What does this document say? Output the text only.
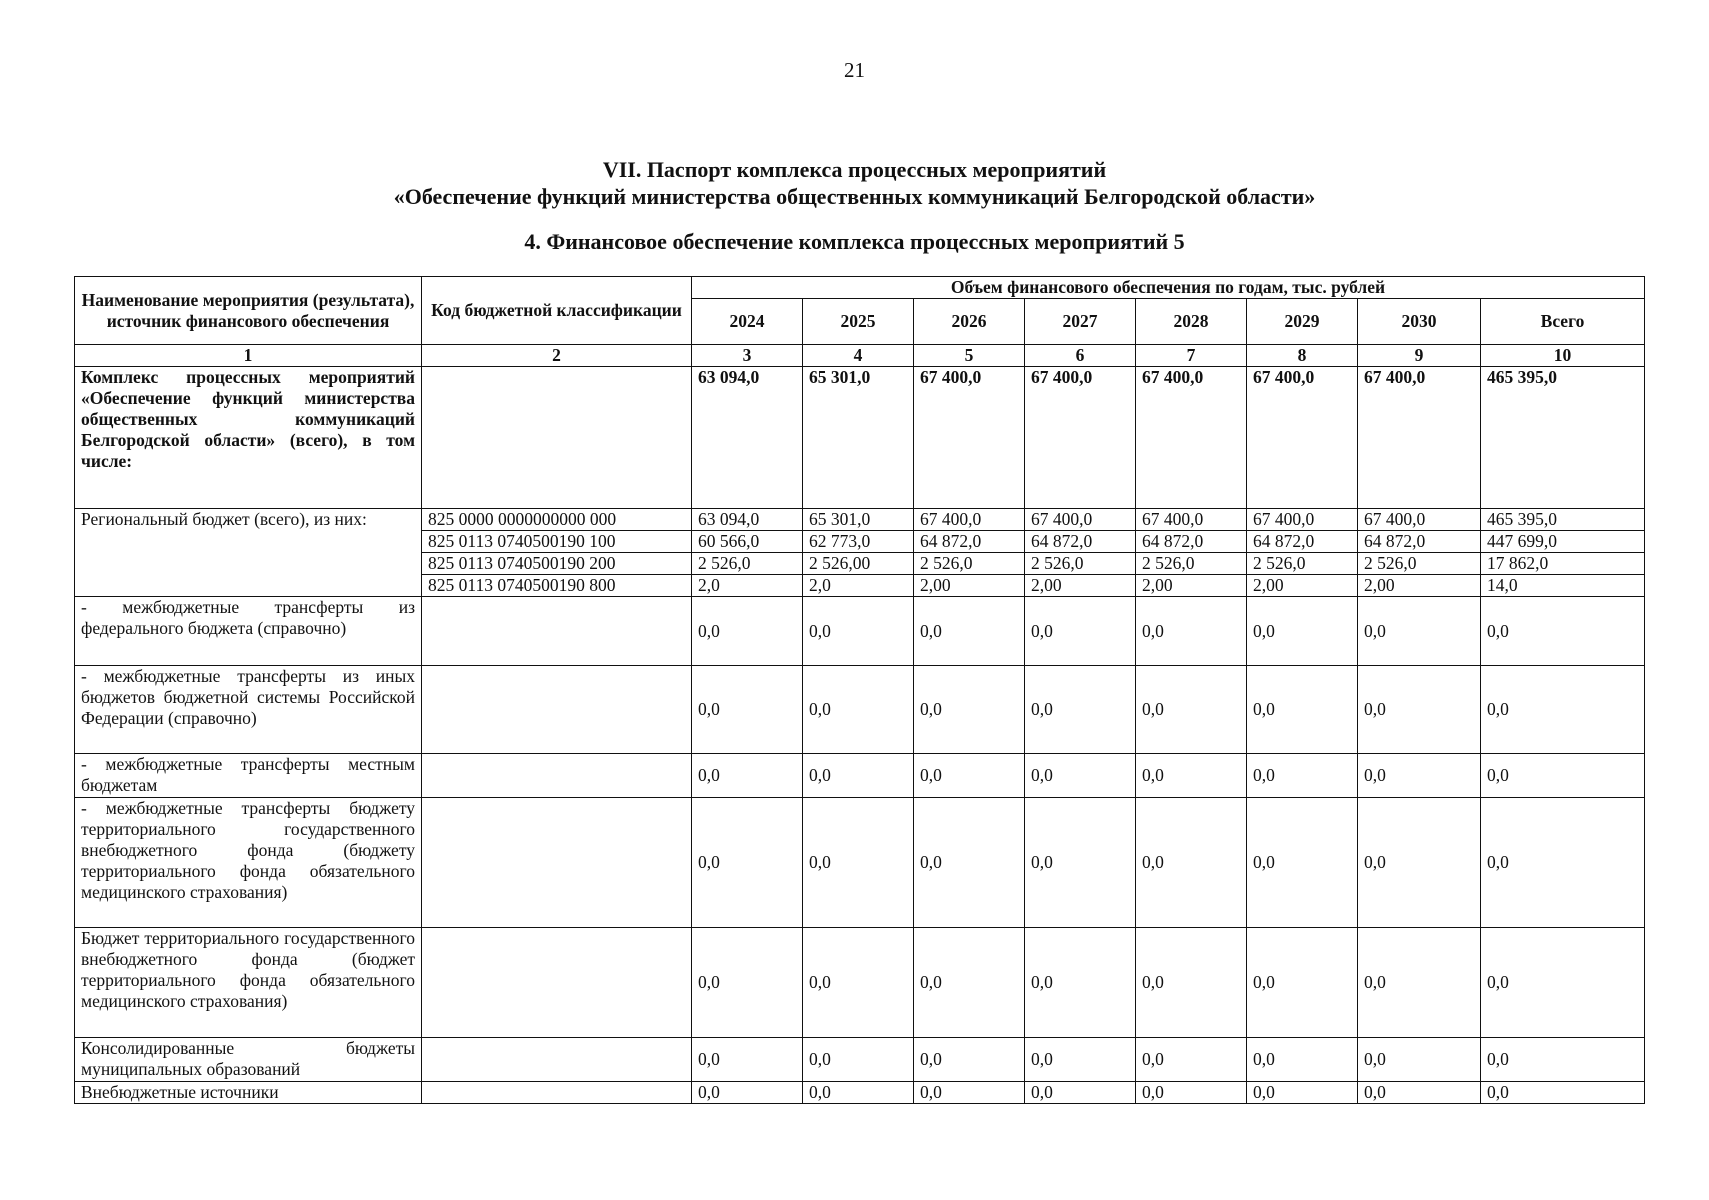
21
VII. Паспорт комплекса процессных мероприятий
«Обеспечение функций министерства общественных коммуникаций Белгородской области»
4. Финансовое обеспечение комплекса процессных мероприятий 5
Наименование мероприятия (результата), источник финансового обеспечения	Код бюджетной классификации	Объем финансового обеспечения по годам, тыс. рублей							
		2024	2025	2026	2027	2028	2029	2030	Всего
1	2	3	4	5	6	7	8	9	10
Комплекс процессных мероприятий «Обеспечение функций министерства общественных коммуникаций Белгородской области» (всего), в том числе:		63 094,0	65 301,0	67 400,0	67 400,0	67 400,0	67 400,0	67 400,0	465 395,0
Региональный бюджет (всего), из них:	825 0000 0000000000 000	63 094,0	65 301,0	67 400,0	67 400,0	67 400,0	67 400,0	67 400,0	465 395,0
	825 0113 0740500190 100	60 566,0	62 773,0	64 872,0	64 872,0	64 872,0	64 872,0	64 872,0	447 699,0
	825 0113 0740500190 200	2 526,0	2 526,00	2 526,0	2 526,0	2 526,0	2 526,0	2 526,0	17 862,0
	825 0113 0740500190 800	2,0	2,0	2,00	2,00	2,00	2,00	2,00	14,0
- межбюджетные трансферты из федерального бюджета (справочно)		0,0	0,0	0,0	0,0	0,0	0,0	0,0	0,0
- межбюджетные трансферты из иных бюджетов бюджетной системы Российской Федерации (справочно)		0,0	0,0	0,0	0,0	0,0	0,0	0,0	0,0
- межбюджетные трансферты местным бюджетам		0,0	0,0	0,0	0,0	0,0	0,0	0,0	0,0
- межбюджетные трансферты бюджету территориального государственного внебюджетного фонда (бюджету территориального фонда обязательного медицинского страхования)		0,0	0,0	0,0	0,0	0,0	0,0	0,0	0,0
Бюджет территориального государственного внебюджетного фонда (бюджет территориального фонда обязательного медицинского страхования)		0,0	0,0	0,0	0,0	0,0	0,0	0,0	0,0
Консолидированные бюджеты муниципальных образований		0,0	0,0	0,0	0,0	0,0	0,0	0,0	0,0
Внебюджетные источники		0,0	0,0	0,0	0,0	0,0	0,0	0,0	0,0
